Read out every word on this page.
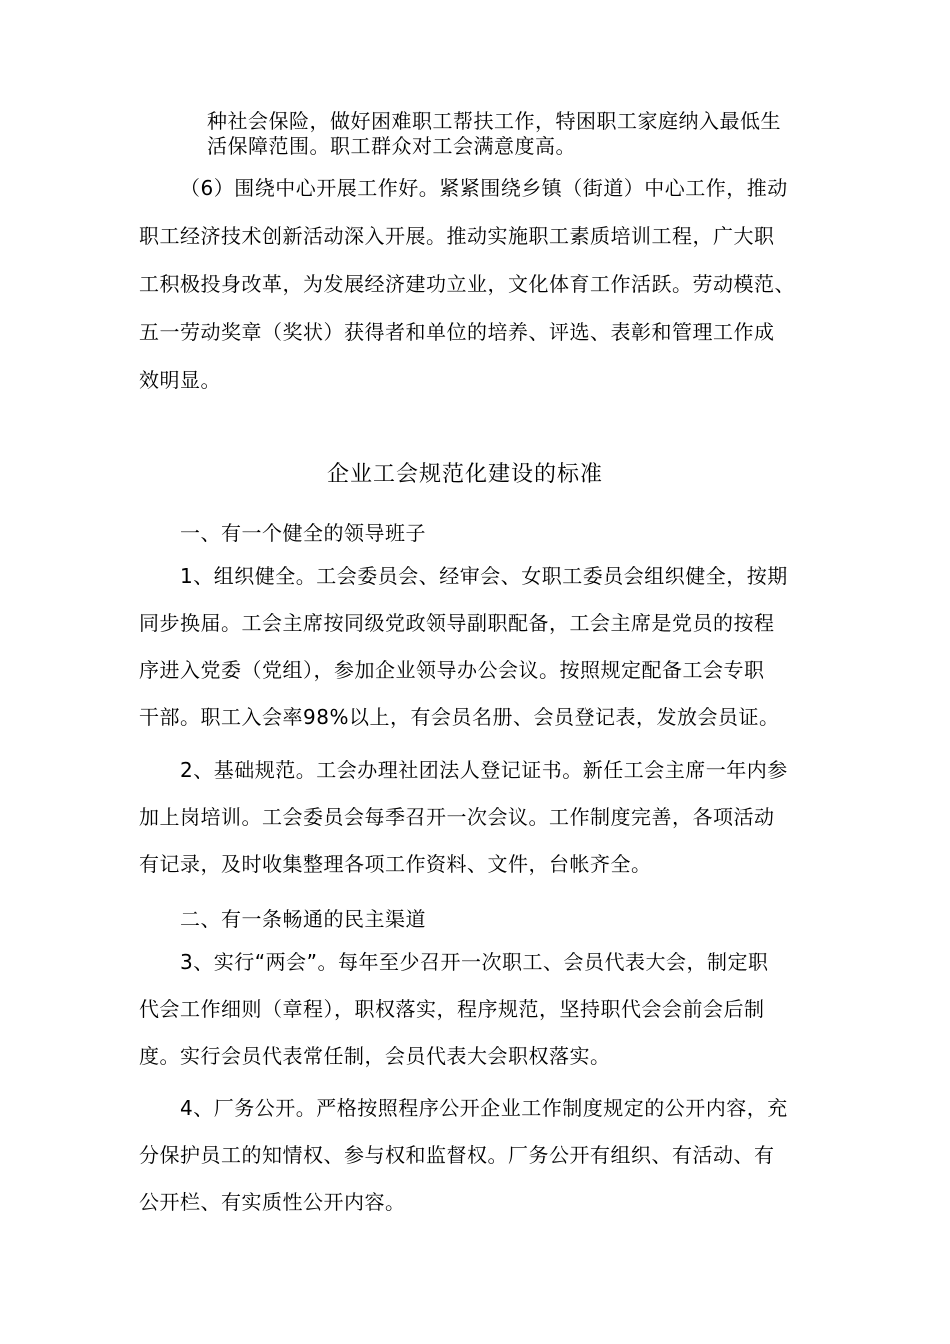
种社会保险，做好困难职工帮扶工作，特困职工家庭纳入最低生
活保障范围。职工群众对工会满意度高。
（6）围绕中心开展工作好。紧紧围绕乡镇（街道）中心工作，推动
职工经济技术创新活动深入开展。推动实施职工素质培训工程，广大职
工积极投身改革，为发展经济建功立业，文化体育工作活跃。劳动模范、
五一劳动奖章（奖状）获得者和单位的培养、评选、表彰和管理工作成
效明显。
企业工会规范化建设的标准
一、有一个健全的领导班子
1、组织健全。工会委员会、经审会、女职工委员会组织健全，按期
同步换届。工会主席按同级党政领导副职配备，工会主席是党员的按程
序进入党委（党组），参加企业领导办公会议。按照规定配备工会专职
干部。职工入会率98%以上，有会员名册、会员登记表，发放会员证。
2、基础规范。工会办理社团法人登记证书。新任工会主席一年内参
加上岗培训。工会委员会每季召开一次会议。工作制度完善，各项活动
有记录，及时收集整理各项工作资料、文件，台帐齐全。
二、有一条畅通的民主渠道
3、实行“两会”。每年至少召开一次职工、会员代表大会，制定职
代会工作细则（章程），职权落实，程序规范，坚持职代会会前会后制
度。实行会员代表常任制，会员代表大会职权落实。
4、厂务公开。严格按照程序公开企业工作制度规定的公开内容，充
分保护员工的知情权、参与权和监督权。厂务公开有组织、有活动、有
公开栏、有实质性公开内容。
